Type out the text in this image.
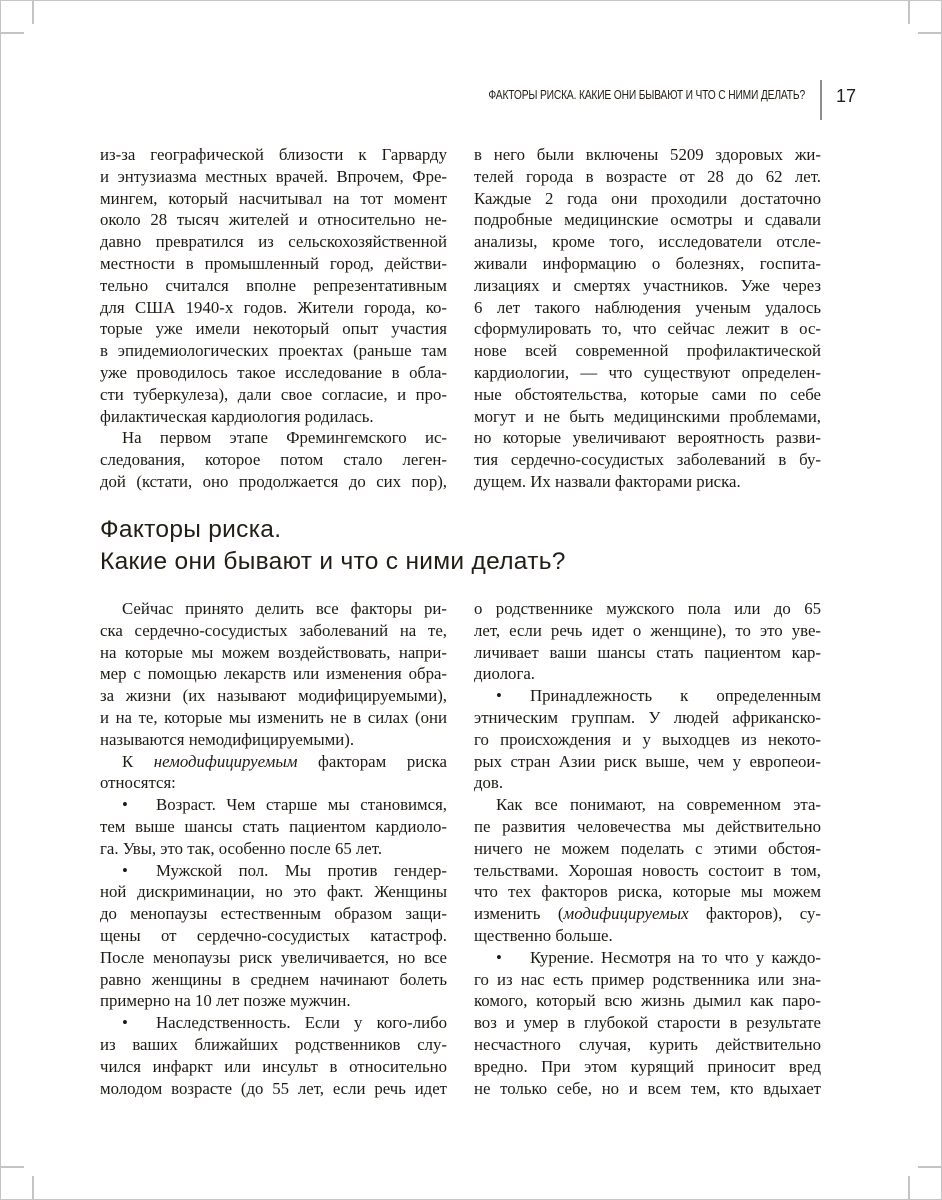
ФАКТОРЫ РИСКА. КАКИЕ ОНИ БЫВАЮТ И ЧТО С НИМИ ДЕЛАТЬ? 17

из-за географической близости к Гарварду
и энтузиазма местных врачей. Впрочем, Фре-
мингем, который насчитывал на тот момент
около 28 тысяч жителей и относительно не-
давно превратился из сельскохозяйственной
местности в промышленный город, действи-
тельно считался вполне репрезентативным
для США 1940-х годов. Жители города, ко-
торые уже имели некоторый опыт участия
в эпидемиологических проектах (раньше там
уже проводилось такое исследование в обла-
сти туберкулеза), дали свое согласие, и про-
филактическая кардиология родилась.

На первом этапе Фремингемского ис-
следования, которое потом стало леген-
дой (кстати, оно продолжается до сих пор),

в него были включены 5209 здоровых жи-
телей города в возрасте от 28 до 62 лет.
Каждые 2 года они проходили достаточно
подробные медицинские осмотры и сдавали
анализы, кроме того, исследователи отсле-
живали информацию о болезнях, госпита-
лизациях и смертях участников. Уже через
6 лет такого наблюдения ученым удалось
сформулировать то, что сейчас лежит в ос-
нове всей современной профилактической
кардиологии, — что существуют определен-
ные обстоятельства, которые сами по себе
могут и не быть медицинскими проблемами,
но которые увеличивают вероятность разви-
тия сердечно-сосудистых заболеваний в бу-
дущем. Их назвали факторами риска.

Факторы риска.
Какие они бывают и что с ними делать?

Сейчас принято делить все факторы ри-
ска сердечно-сосудистых заболеваний на те,
на которые мы можем воздействовать, напри-
мер с помощью лекарств или изменения обра-
за жизни (их называют модифицируемыми),
и на те, которые мы изменить не в силах (они
называются немодифицируемыми).

К немодифицируемым факторам риска
относятся:

• Возраст. Чем старше мы становимся,
тем выше шансы стать пациентом кардиоло-
га. Увы, это так, особенно после 65 лет.

• Мужской пол. Мы против гендер-
ной дискриминации, но это факт. Женщины
до менопаузы естественным образом защи-
щены от сердечно-сосудистых катастроф.
После менопаузы риск увеличивается, но все
равно женщины в среднем начинают болеть
примерно на 10 лет позже мужчин.

• Наследственность. Если у кого-либо
из ваших ближайших родственников слу-
чился инфаркт или инсульт в относительно
молодом возрасте (до 55 лет, если речь идет

о родственнике мужского пола или до 65
лет, если речь идет о женщине), то это уве-
личивает ваши шансы стать пациентом кар-
диолога.

• Принадлежность к определенным
этническим группам. У людей африканско-
го происхождения и у выходцев из некото-
рых стран Азии риск выше, чем у европеои-
дов.

Как все понимают, на современном эта-
пе развития человечества мы действительно
ничего не можем поделать с этими обстоя-
тельствами. Хорошая новость состоит в том,
что тех факторов риска, которые мы можем
изменить (модифицируемых факторов), су-
щественно больше.

• Курение. Несмотря на то что у каждо-
го из нас есть пример родственника или зна-
комого, который всю жизнь дымил как паро-
воз и умер в глубокой старости в результате
несчастного случая, курить действительно
вредно. При этом курящий приносит вред
не только себе, но и всем тем, кто вдыхает
